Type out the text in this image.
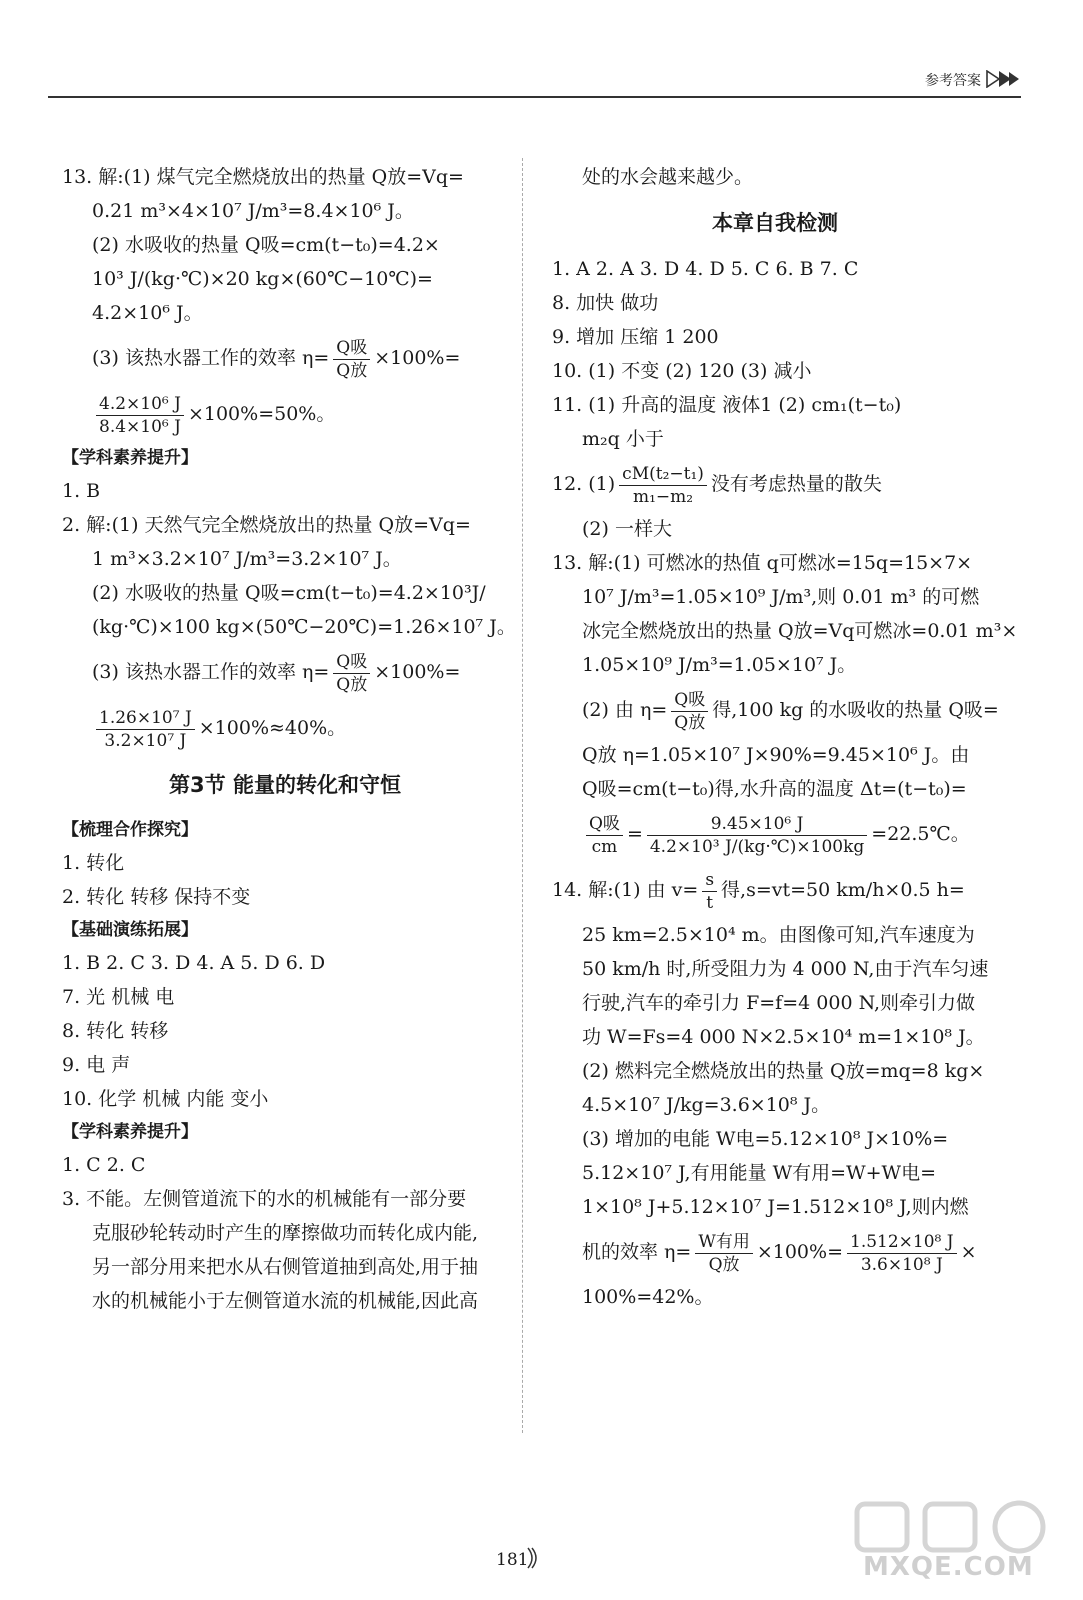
参考答案
13. 解:(1) 煤气完全燃烧放出的热量 Q放=Vq=
0.21 m³×4×10⁷ J/m³=8.4×10⁶ J。
(2) 水吸收的热量 Q吸=cm(t−t₀)=4.2×
10³ J/(kg·℃)×20 kg×(60℃−10℃)=
4.2×10⁶ J。
(3) 该热水器工作的效率 $\eta= \frac{\text{Q吸}}{\text{Q放}} \times 100\%=$
$\frac{\text{4.2×10⁶ J}}{\text{8.4×10⁶ J}} \times 100\%=50\%$。
【学科素养提升】
1. B
2. 解:(1) 天然气完全燃烧放出的热量 Q放=Vq=
1 m³×3.2×10⁷ J/m³=3.2×10⁷ J。
(2) 水吸收的热量 Q吸=cm(t−t₀)=4.2×10³J/
(kg·℃)×100 kg×(50℃−20℃)=1.26×10⁷ J。
(3) 该热水器工作的效率 $\eta= \frac{\text{Q吸}}{\text{Q放}} \times 100\%=$
$\frac{\text{1.26×10⁷ J}}{\text{3.2×10⁷ J}} \times 100\%\approx 40\%$。
第3节 能量的转化和守恒
【梳理合作探究】
1. 转化
2. 转化 转移 保持不变
【基础演练拓展】
1. B 2. C 3. D 4. A 5. D 6. D
7. 光 机械 电
8. 转化 转移
9. 电 声
10. 化学 机械 内能 变小
【学科素养提升】
1. C 2. C
3. 不能。左侧管道流下的水的机械能有一部分要
克服砂轮转动时产生的摩擦做功而转化成内能,
另一部分用来把水从右侧管道抽到高处,用于抽
水的机械能小于左侧管道水流的机械能,因此高
处的水会越来越少。
本章自我检测
1. A 2. A 3. D 4. D 5. C 6. B 7. C
8. 加快 做功
9. 增加 压缩 1 200
10. (1) 不变 (2) 120 (3) 减小
11. (1) 升高的温度 液体1 (2) cm₁(t−t₀)
m₂q 小于
12. $(1) \frac{\text{cM(t₂−t₁)}}{\text{m₁−m₂}}$ 没有考虑热量的散失
(2) 一样大
13. 解:(1) 可燃冰的热值 q可燃冰=15q=15×7×
10⁷ J/m³=1.05×10⁹ J/m³,则 0.01 m³ 的可燃
冰完全燃烧放出的热量 Q放=Vq可燃冰=0.01 m³×
1.05×10⁹ J/m³=1.05×10⁷ J。
(2) 由 $\eta= \frac{\text{Q吸}}{\text{Q放}}$ 得,100 kg 的水吸收的热量 Q吸=
Q放 η=1.05×10⁷ J×90%=9.45×10⁶ J。由
Q吸=cm(t−t₀)得,水升高的温度 Δt=(t−t₀)=
$\frac{\text{Q吸}}{cm} = \frac{\text{9.45×10⁶ J}}{\text{4.2×10³ J/(kg·℃)×100kg}}$ =22.5℃。
14. 解:(1) 由 $v= \frac{s}{t}$ 得,s=vt=50 km/h×0.5 h=
25 km=2.5×10⁴ m。由图像可知,汽车速度为
50 km/h 时,所受阻力为 4 000 N,由于汽车匀速
行驶,汽车的牵引力 F=f=4 000 N,则牵引力做
功 W=Fs=4 000 N×2.5×10⁴ m=1×10⁸ J。
(2) 燃料完全燃烧放出的热量 Q放=mq=8 kg×
4.5×10⁷ J/kg=3.6×10⁸ J。
(3) 增加的电能 W电=5.12×10⁸ J×10%=
5.12×10⁷ J,有用能量 W有用=W+W电=
1×10⁸ J+5.12×10⁷ J=1.512×10⁸ J,则内燃
机的效率 $\eta= \frac{\text{W有用}}{\text{Q放}} \times 100\%= \frac{\text{1.512×10⁸ J}}{\text{3.6×10⁸ J}}$ ×
100%=42%。
181	MXQE.COM
